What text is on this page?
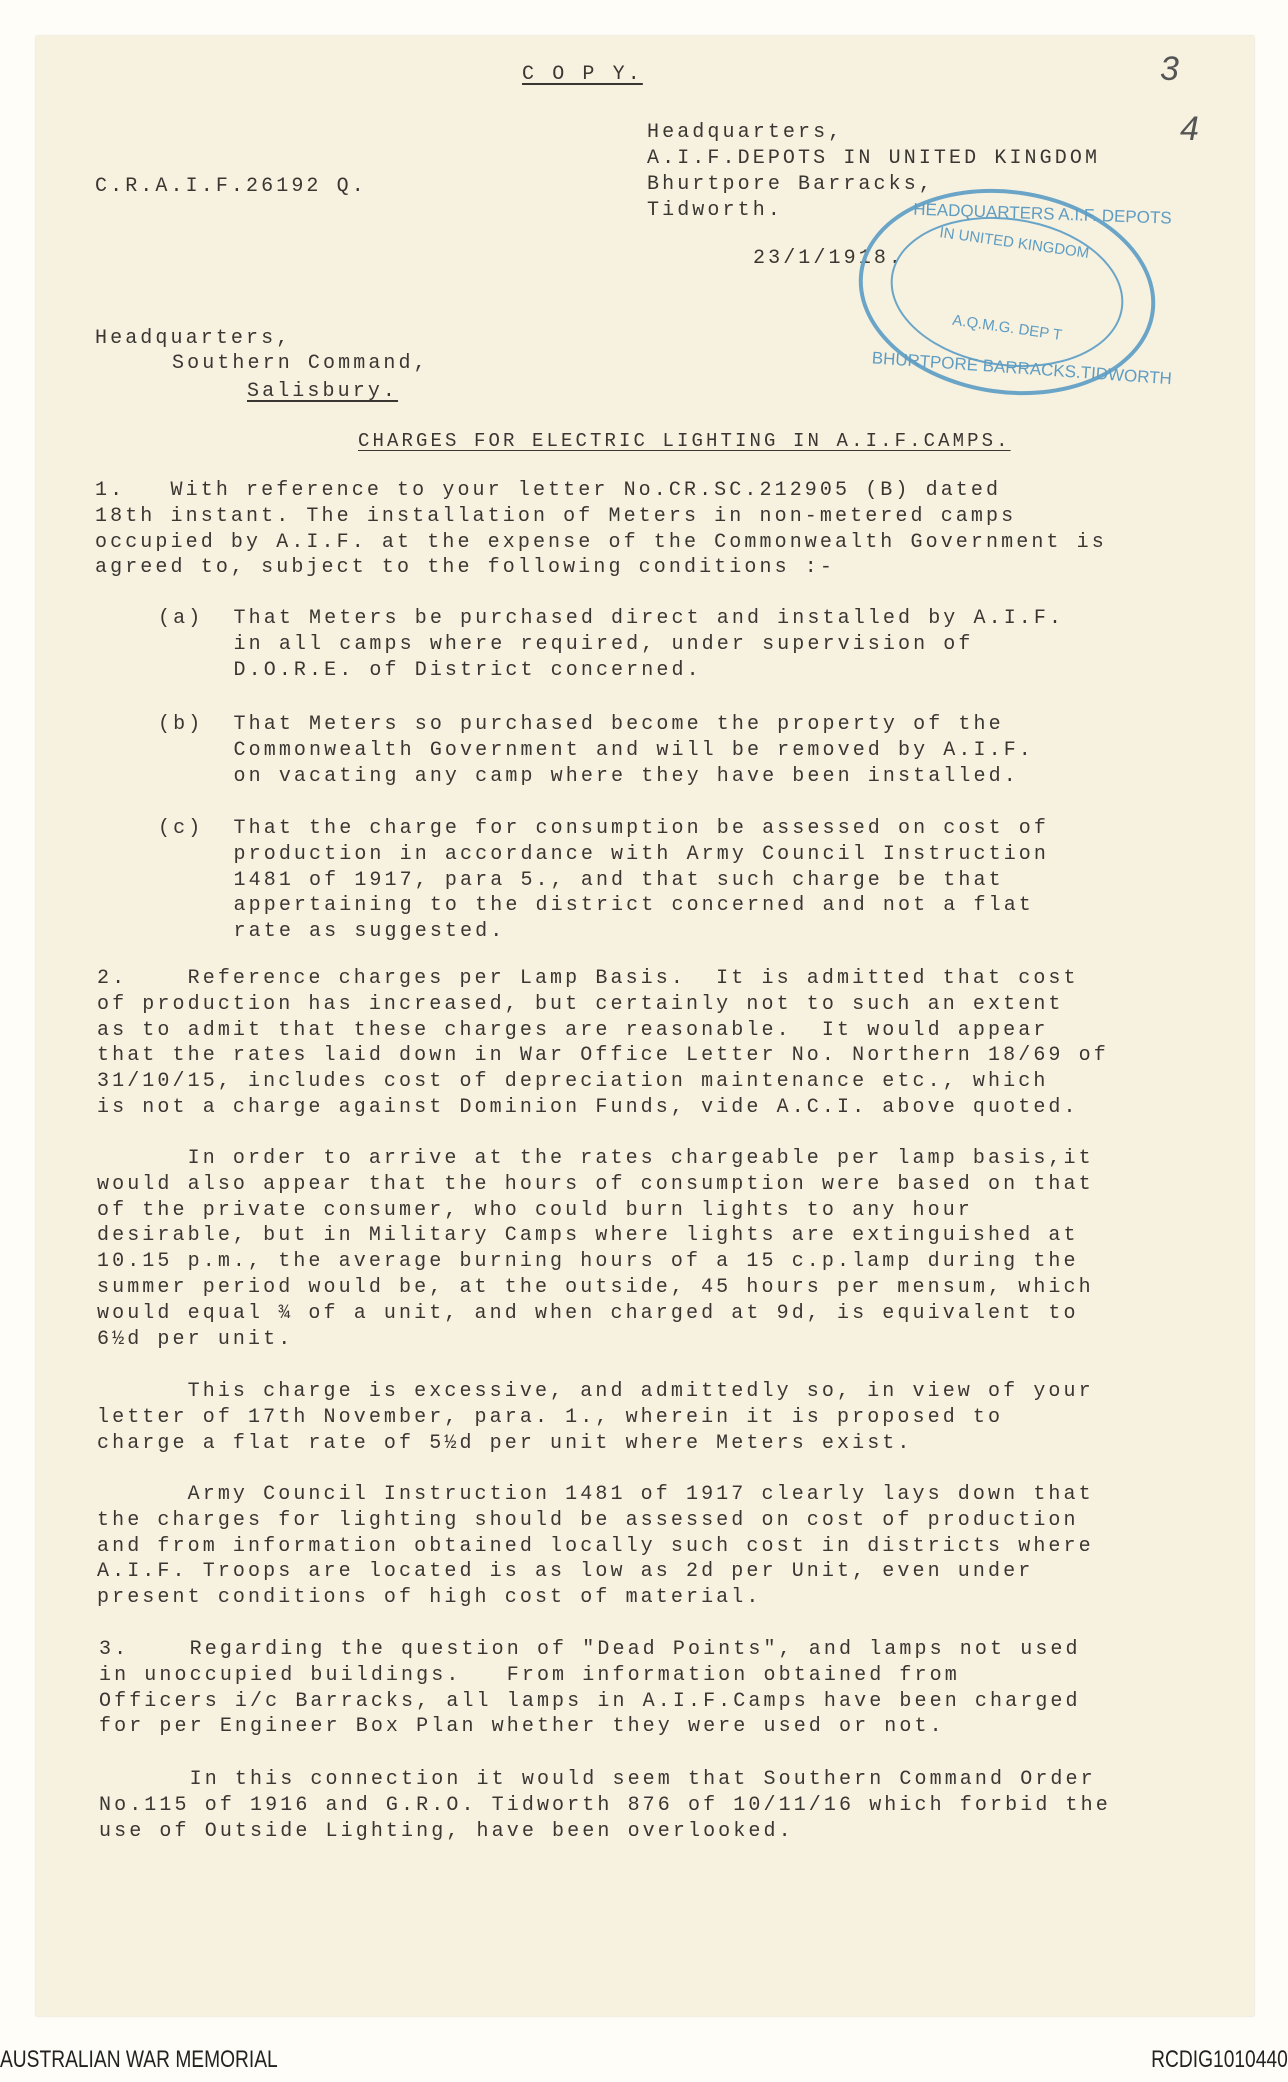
3
4
C O P Y.
Headquarters,
A.I.F.DEPOTS IN UNITED KINGDOM
Bhurtpore Barracks,
Tidworth.
C.R.A.I.F.26192 Q.
23/1/1918.
HEADQUARTERS A.I.F. DEPOTS
IN UNITED KINGDOM
A.Q.M.G. DEP T
BHURTPORE BARRACKS.TIDWORTH
Headquarters,
Southern Command,
Salisbury.
CHARGES FOR ELECTRIC LIGHTING IN A.I.F.CAMPS.
1.   With reference to your letter No.CR.SC.212905 (B) dated
18th instant. The installation of Meters in non-metered camps
occupied by A.I.F. at the expense of the Commonwealth Government is
agreed to, subject to the following conditions :-
(a)  That Meters be purchased direct and installed by A.I.F.
in all camps where required, under supervision of
D.O.R.E. of District concerned.
(b)  That Meters so purchased become the property of the
Commonwealth Government and will be removed by A.I.F.
on vacating any camp where they have been installed.
(c)  That the charge for consumption be assessed on cost of
production in accordance with Army Council Instruction
1481 of 1917, para 5., and that such charge be that
appertaining to the district concerned and not a flat
rate as suggested.
2.    Reference charges per Lamp Basis.  It is admitted that cost
of production has increased, but certainly not to such an extent
as to admit that these charges are reasonable.  It would appear
that the rates laid down in War Office Letter No. Northern 18/69 of
31/10/15, includes cost of depreciation maintenance etc., which
is not a charge against Dominion Funds, vide A.C.I. above quoted.
In order to arrive at the rates chargeable per lamp basis,it
would also appear that the hours of consumption were based on that
of the private consumer, who could burn lights to any hour
desirable, but in Military Camps where lights are extinguished at
10.15 p.m., the average burning hours of a 15 c.p.lamp during the
summer period would be, at the outside, 45 hours per mensum, which
would equal ¾ of a unit, and when charged at 9d, is equivalent to
6½d per unit.
This charge is excessive, and admittedly so, in view of your
letter of 17th November, para. 1., wherein it is proposed to
charge a flat rate of 5½d per unit where Meters exist.
Army Council Instruction 1481 of 1917 clearly lays down that
the charges for lighting should be assessed on cost of production
and from information obtained locally such cost in districts where
A.I.F. Troops are located is as low as 2d per Unit, even under
present conditions of high cost of material.
3.    Regarding the question of "Dead Points", and lamps not used
in unoccupied buildings.   From information obtained from
Officers i/c Barracks, all lamps in A.I.F.Camps have been charged
for per Engineer Box Plan whether they were used or not.
In this connection it would seem that Southern Command Order
No.115 of 1916 and G.R.O. Tidworth 876 of 10/11/16 which forbid the
use of Outside Lighting, have been overlooked.
AUSTRALIAN WAR MEMORIAL	RCDIG1010440
